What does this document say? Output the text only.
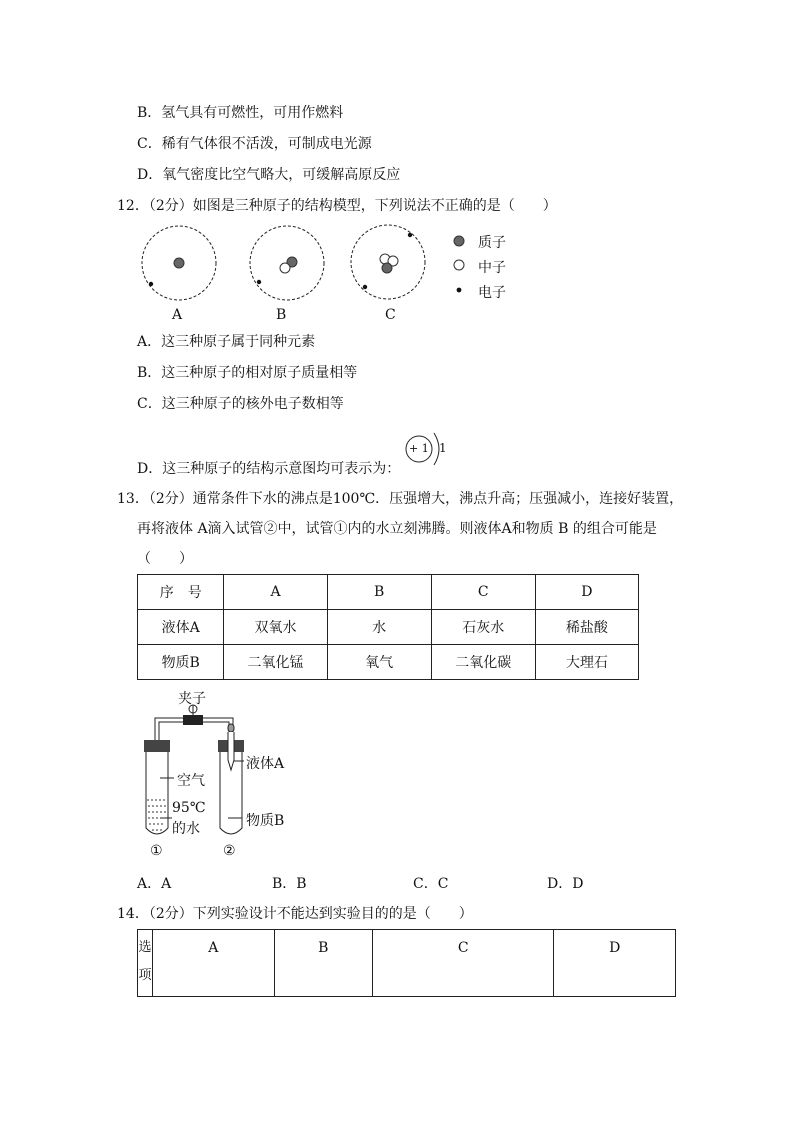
B．氢气具有可燃性，可用作燃料
C．稀有气体很不活泼，可制成电光源
D．氧气密度比空气略大，可缓解高原反应
12．（2分）如图是三种原子的结构模型，下列说法不正确的是（　　）
A	B	C
质子
中子
电子
A．这三种原子属于同种元素
B．这三种原子的相对原子质量相等
C．这三种原子的核外电子数相等
D．这三种原子的结构示意图均可表示为：
+ 1 1
13．（2分）通常条件下水的沸点是100℃．压强增大，沸点升高；压强减小，连接好装置，
再将液体 A滴入试管②中，试管①内的水立刻沸腾。则液体A和物质 B 的组合可能是
（　　）
序　号	A	B	C	D
液体A	双氧水	水	石灰水	稀盐酸
物质B	二氧化锰	氧气	二氧化碳	大理石
夹子
空气
95℃
的水
液体A
物质B
①	②
A．A	B．B	C．C	D．D
14．（2分）下列实验设计不能达到实验目的的是（　　）
选
项	A	B	C	D
